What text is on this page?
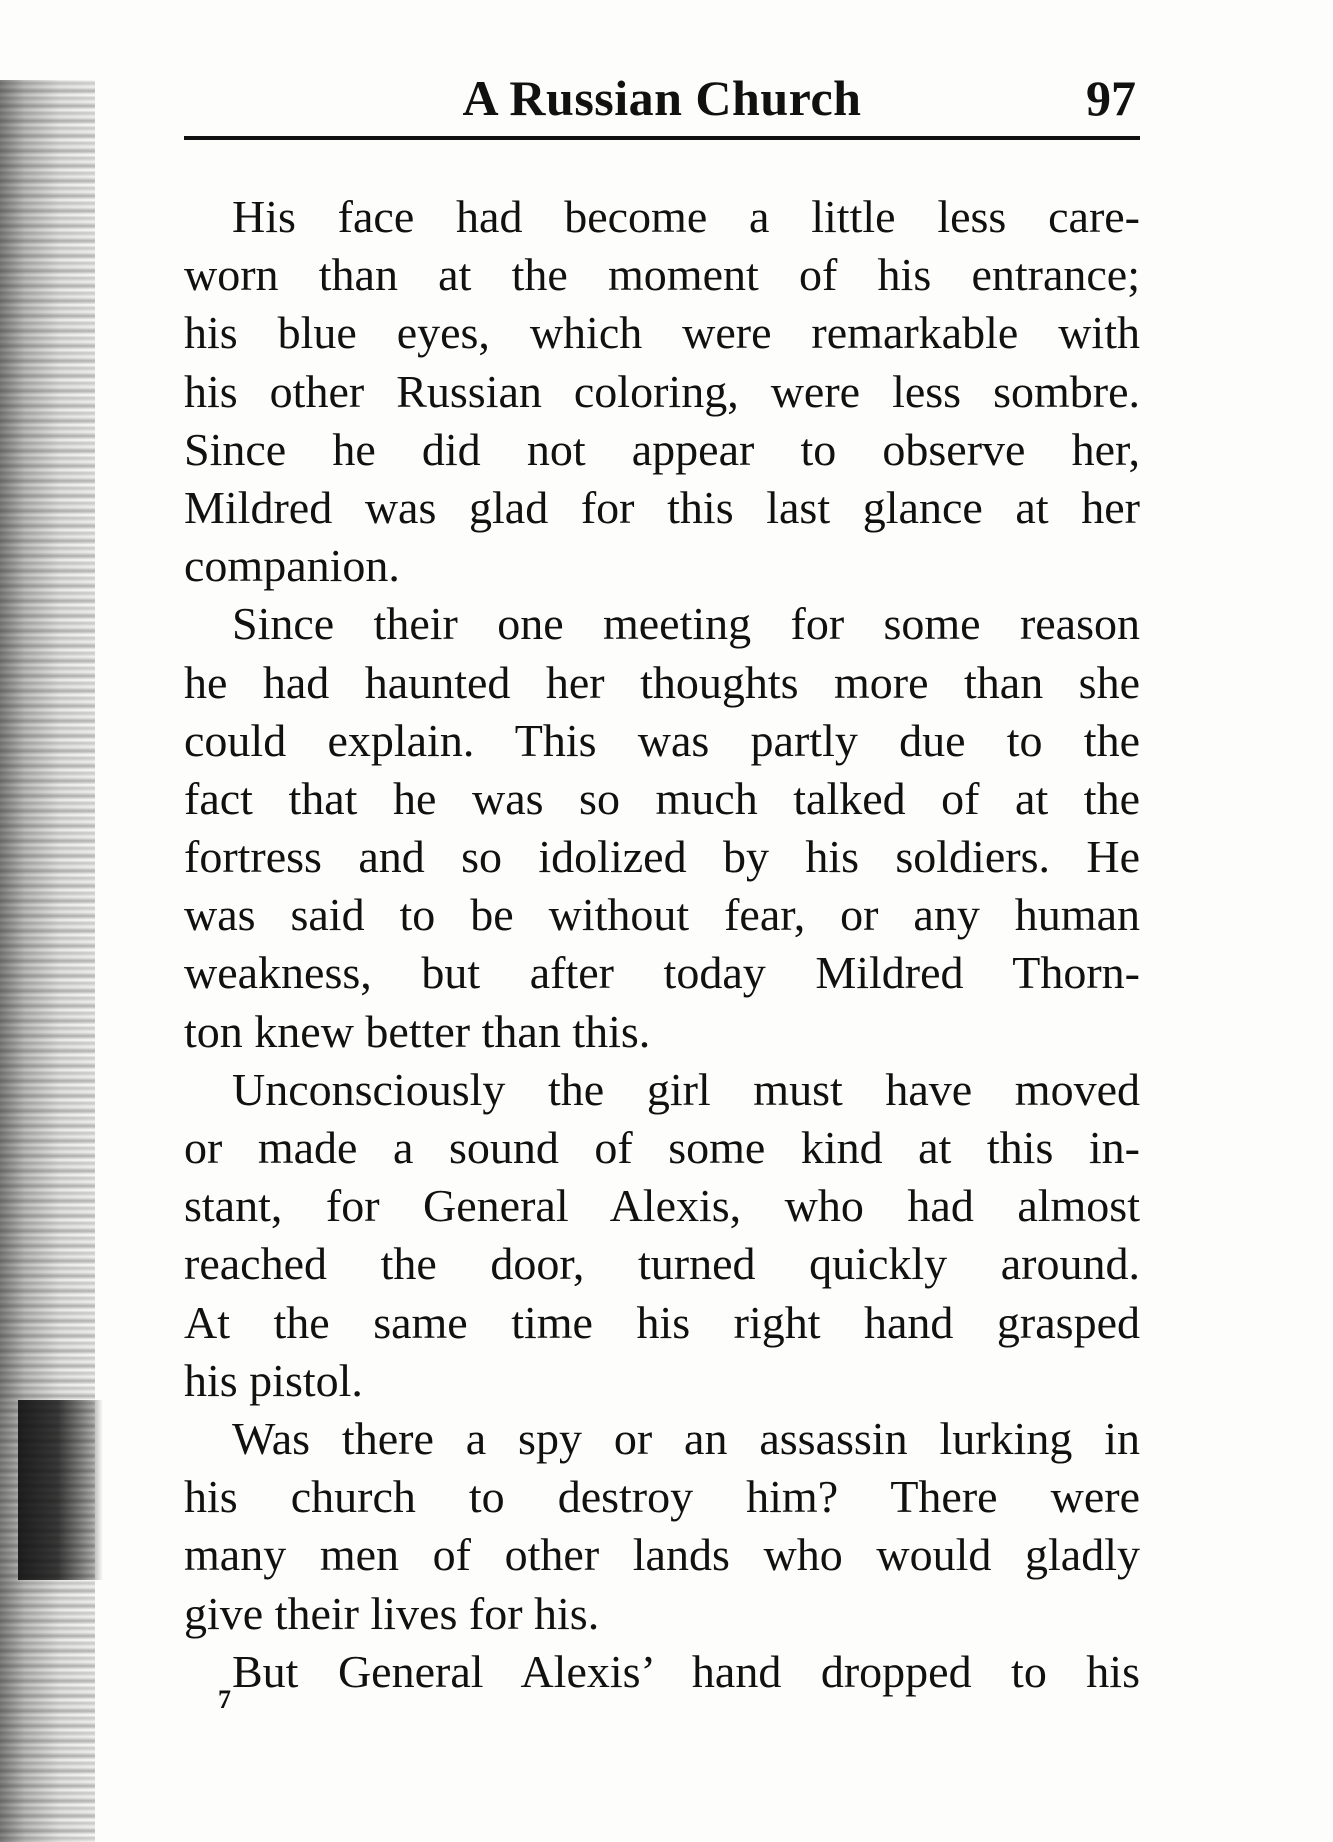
A Russian Church	97
His face had become a little less care-
worn than at the moment of his entrance;
his blue eyes, which were remarkable with
his other Russian coloring, were less sombre.
Since he did not appear to observe her,
Mildred was glad for this last glance at her
companion.
Since their one meeting for some reason
he had haunted her thoughts more than she
could explain. This was partly due to the
fact that he was so much talked of at the
fortress and so idolized by his soldiers. He
was said to be without fear, or any human
weakness, but after today Mildred Thorn-
ton knew better than this.
Unconsciously the girl must have moved
or made a sound of some kind at this in-
stant, for General Alexis, who had almost
reached the door, turned quickly around.
At the same time his right hand grasped
his pistol.
Was there a spy or an assassin lurking in
his church to destroy him? There were
many men of other lands who would gladly
give their lives for his.
But General Alexis’ hand dropped to his
7
